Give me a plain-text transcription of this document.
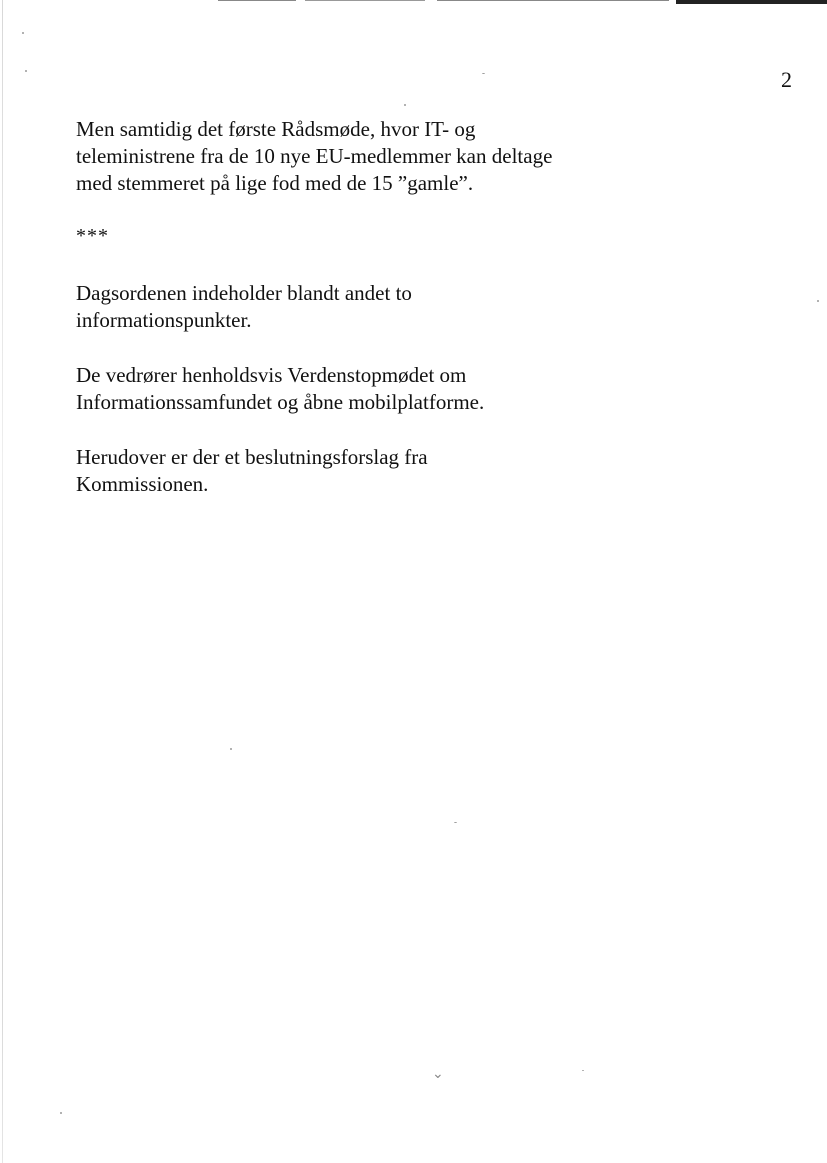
2

Men samtidig det første Rådsmøde, hvor IT- og
teleministrene fra de 10 nye EU-medlemmer kan deltage
med stemmeret på lige fod med de 15 ”gamle”.

***

Dagsordenen indeholder blandt andet to
informationspunkter.

De vedrører henholdsvis Verdenstopmødet om
Informationssamfundet og åbne mobilplatforme.

Herudover er der et beslutningsforslag fra
Kommissionen.

⌄
